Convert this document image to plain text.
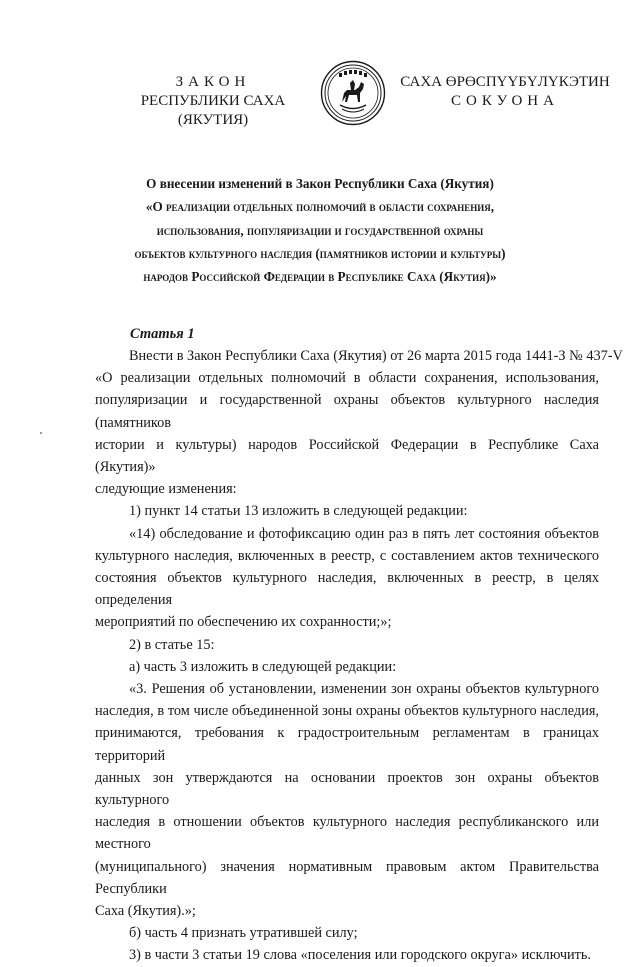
ЗАКОН
РЕСПУБЛИКИ САХА (ЯКУТИЯ)
САХА ӨРӨСПҮҮБҮЛҮКЭТИН
СОКУОНА
О внесении изменений в Закон Республики Саха (Якутия)
«О реализации отдельных полномочий в области сохранения,
использования, популяризации и государственной охраны
объектов культурного наследия (памятников истории и культуры)
народов Российской Федерации в Республике Саха (Якутия)»
Статья 1

Внести в Закон Республики Саха (Якутия) от 26 марта 2015 года 1441-З № 437-V

«О реализации отдельных полномочий в области сохранения, использования,

популяризации и государственной охраны объектов культурного наследия (памятников

истории и культуры) народов Российской Федерации в Республике Саха (Якутия)»

следующие изменения:

1) пункт 14 статьи 13 изложить в следующей редакции:

«14) обследование и фотофиксацию один раз в пять лет состояния объектов

культурного наследия, включенных в реестр, с составлением актов технического

состояния объектов культурного наследия, включенных в реестр, в целях определения

мероприятий по обеспечению их сохранности;»;

2) в статье 15:

а) часть 3 изложить в следующей редакции:

«3. Решения об установлении, изменении зон охраны объектов культурного

наследия, в том числе объединенной зоны охраны объектов культурного наследия,

принимаются, требования к градостроительным регламентам в границах территорий

данных зон утверждаются на основании проектов зон охраны объектов культурного

наследия в отношении объектов культурного наследия республиканского или местного

(муниципального) значения нормативным правовым актом Правительства Республики

Саха (Якутия).»;

б) часть 4 признать утратившей силу;

3) в части 3 статьи 19 слова «поселения или городского округа» исключить.
